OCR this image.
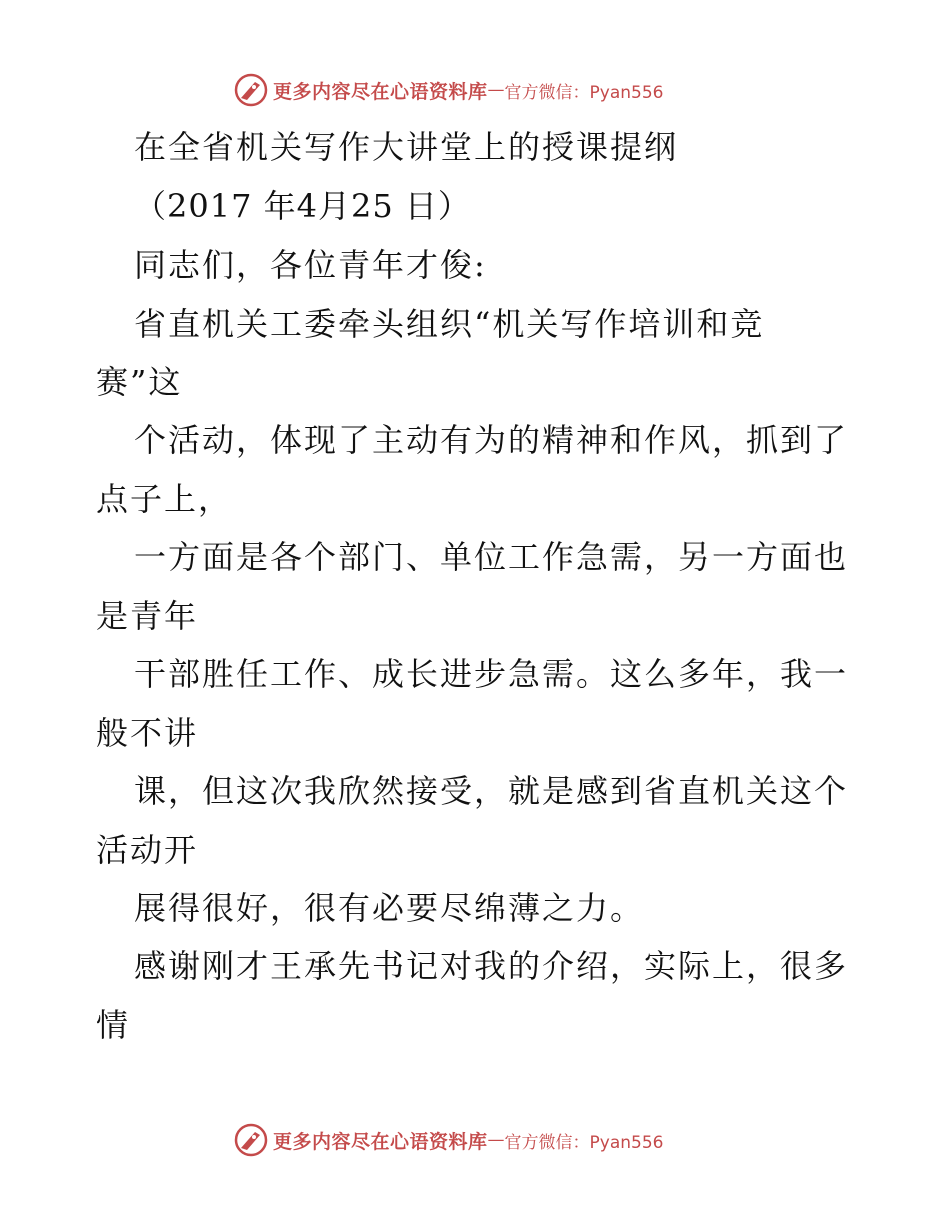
更多内容尽在心语资料库 — 官方微信：Pyan556
在全省机关写作大讲堂上的授课提纲
（2017 年4月25 日）
同志们，各位青年才俊:
省直机关工委牵头组织“机关写作培训和竞
赛”这
个活动，体现了主动有为的精神和作风，抓到了
点子上，
一方面是各个部门、单位工作急需，另一方面也
是青年
干部胜任工作、成长进步急需。这么多年，我一
般不讲
课，但这次我欣然接受，就是感到省直机关这个
活动开
展得很好，很有必要尽绵薄之力。
感谢刚才王承先书记对我的介绍，实际上，很多
情
更多内容尽在心语资料库 — 官方微信：Pyan556
